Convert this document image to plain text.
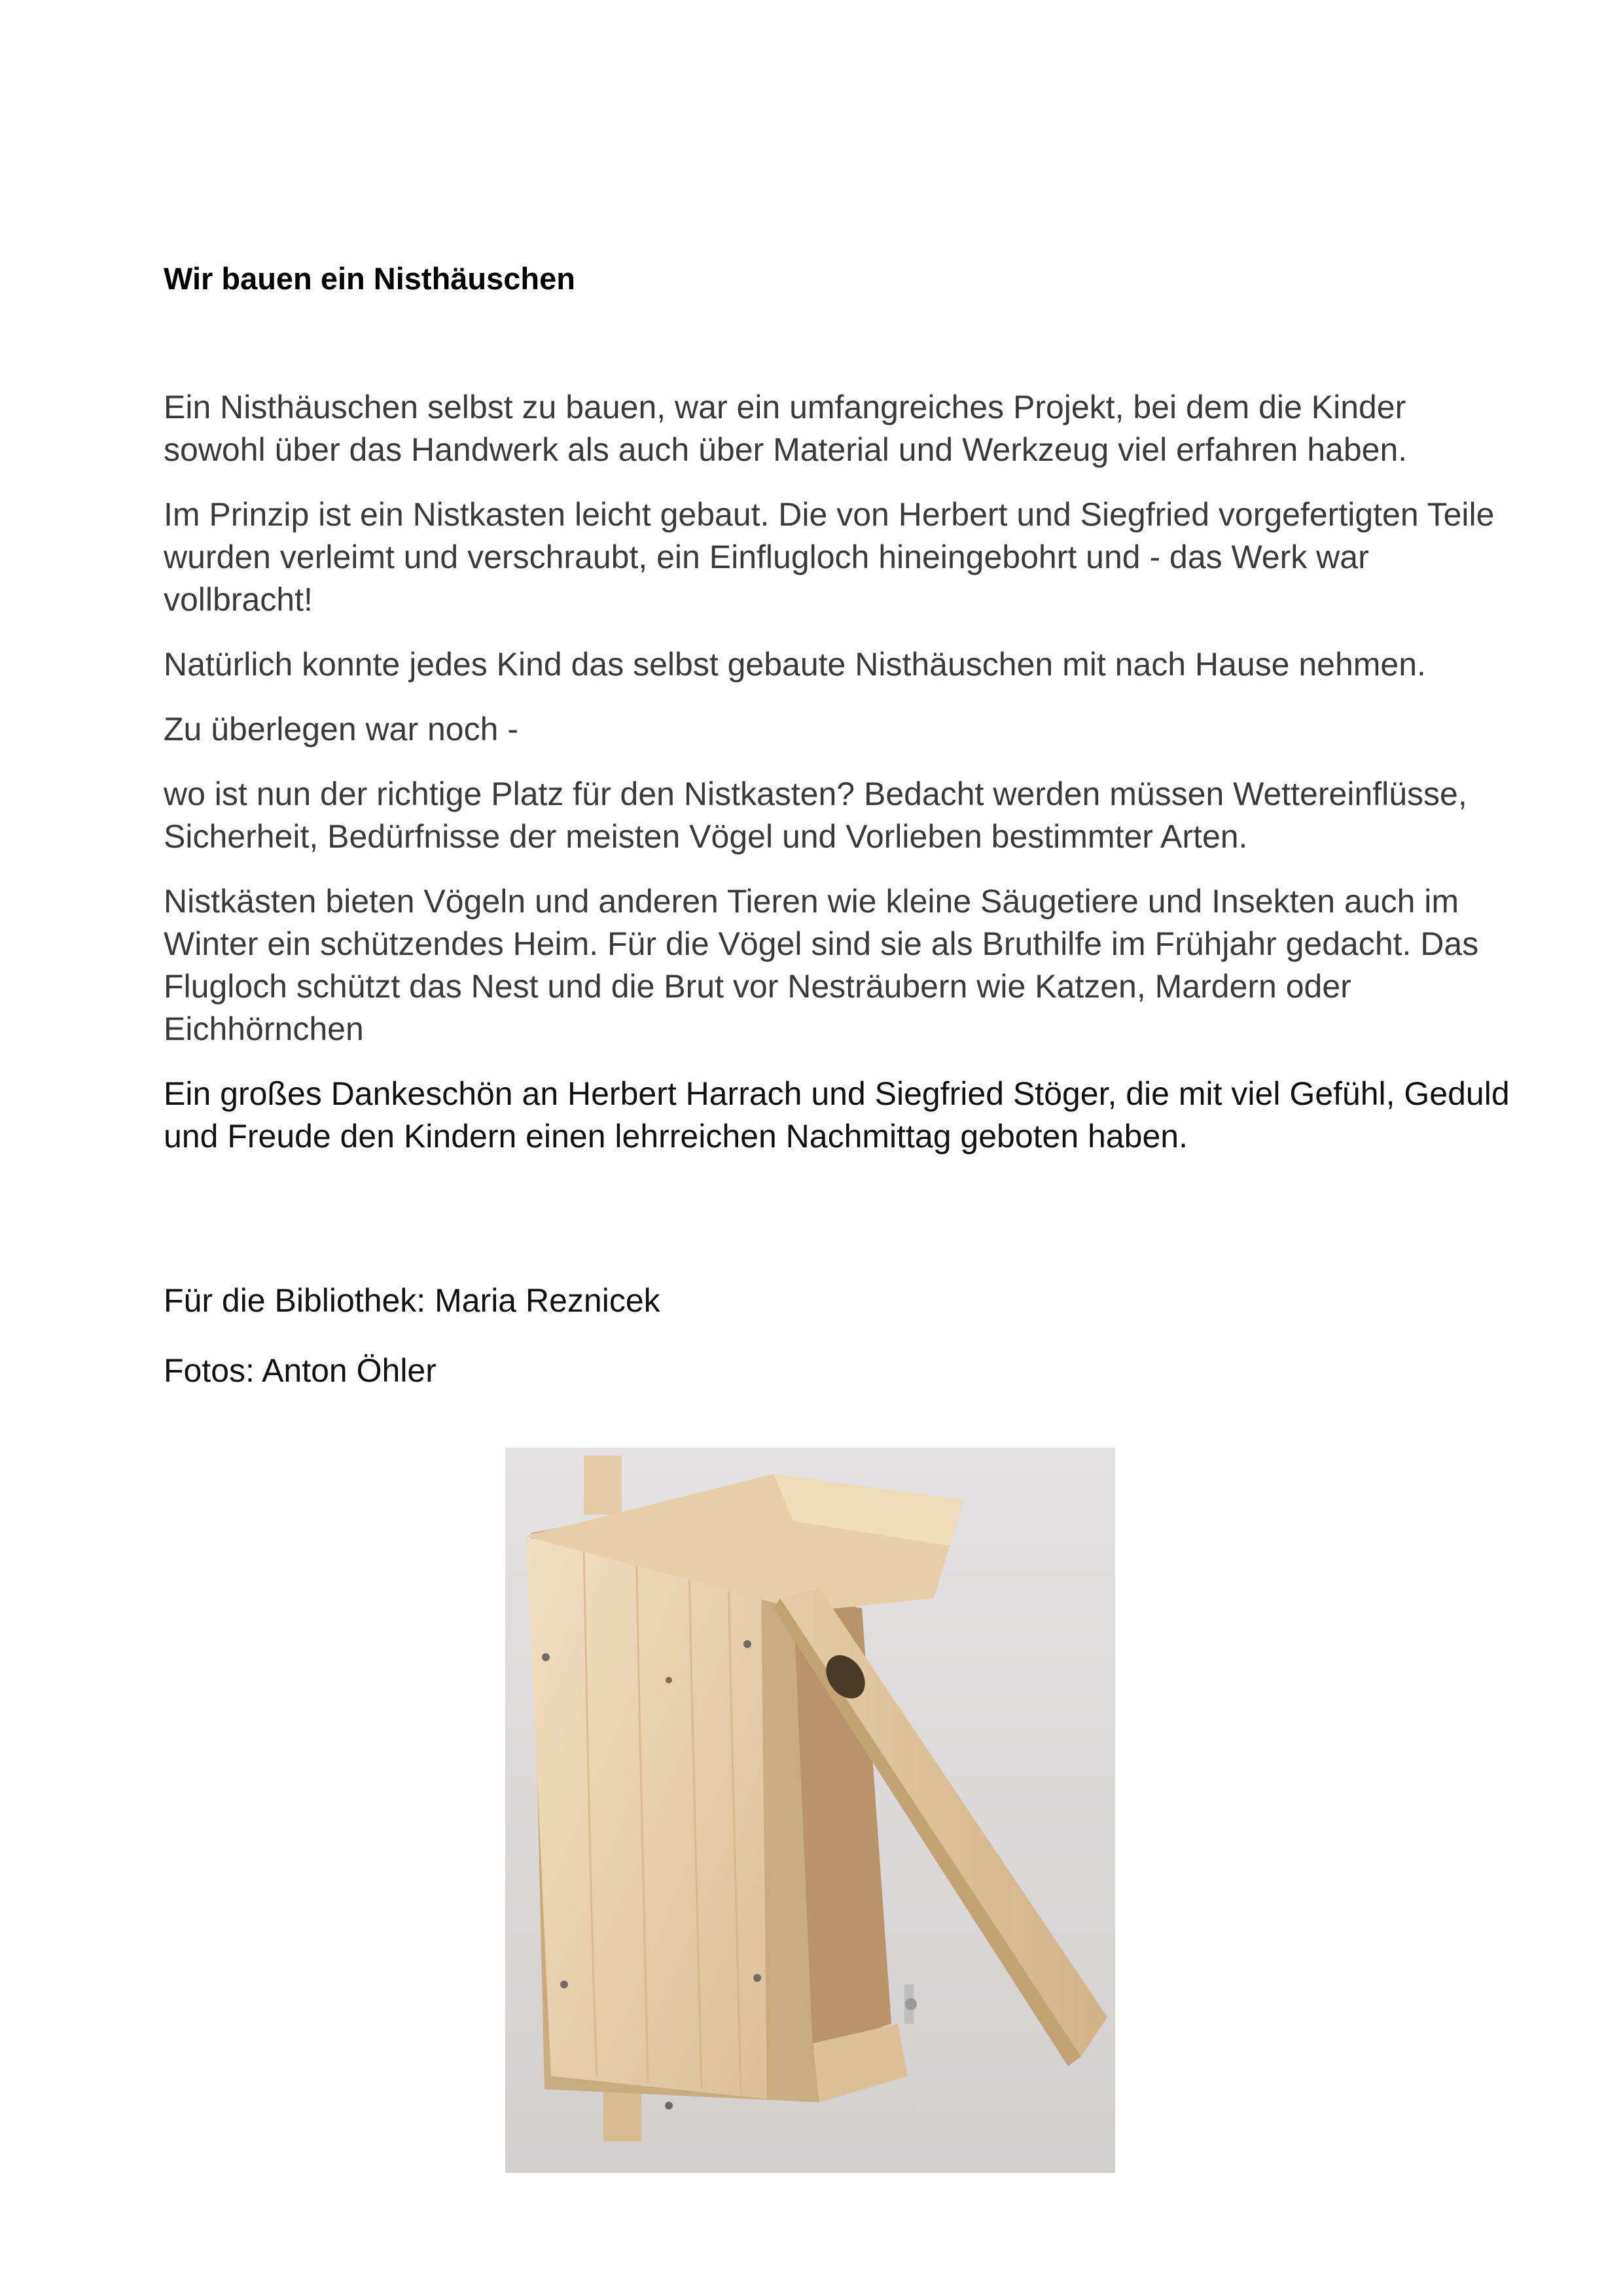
Wir bauen ein Nisthäuschen

Ein Nisthäuschen selbst zu bauen, war ein umfangreiches Projekt, bei dem die Kinder sowohl über das Handwerk als auch über Material und Werkzeug viel erfahren haben.

Im Prinzip ist ein Nistkasten leicht gebaut. Die von Herbert und Siegfried vorgefertigten Teile wurden verleimt und verschraubt, ein Einflugloch hineingebohrt und - das Werk war vollbracht!

Natürlich konnte jedes Kind das selbst gebaute Nisthäuschen mit nach Hause nehmen.

Zu überlegen war noch -

wo ist nun der richtige Platz für den Nistkasten? Bedacht werden müssen Wettereinflüsse, Sicherheit, Bedürfnisse der meisten Vögel und Vorlieben bestimmter Arten.

Nistkästen bieten Vögeln und anderen Tieren wie kleine Säugetiere und Insekten auch im Winter ein schützendes Heim. Für die Vögel sind sie als Bruthilfe im Frühjahr gedacht. Das Flugloch schützt das Nest und die Brut vor Nesträubern wie Katzen, Mardern oder Eichhörnchen

Ein großes Dankeschön an Herbert Harrach und Siegfried Stöger, die mit viel Gefühl, Geduld und Freude den Kindern einen lehrreichen Nachmittag geboten haben.

Für die Bibliothek: Maria Reznicek

Fotos: Anton Öhler
